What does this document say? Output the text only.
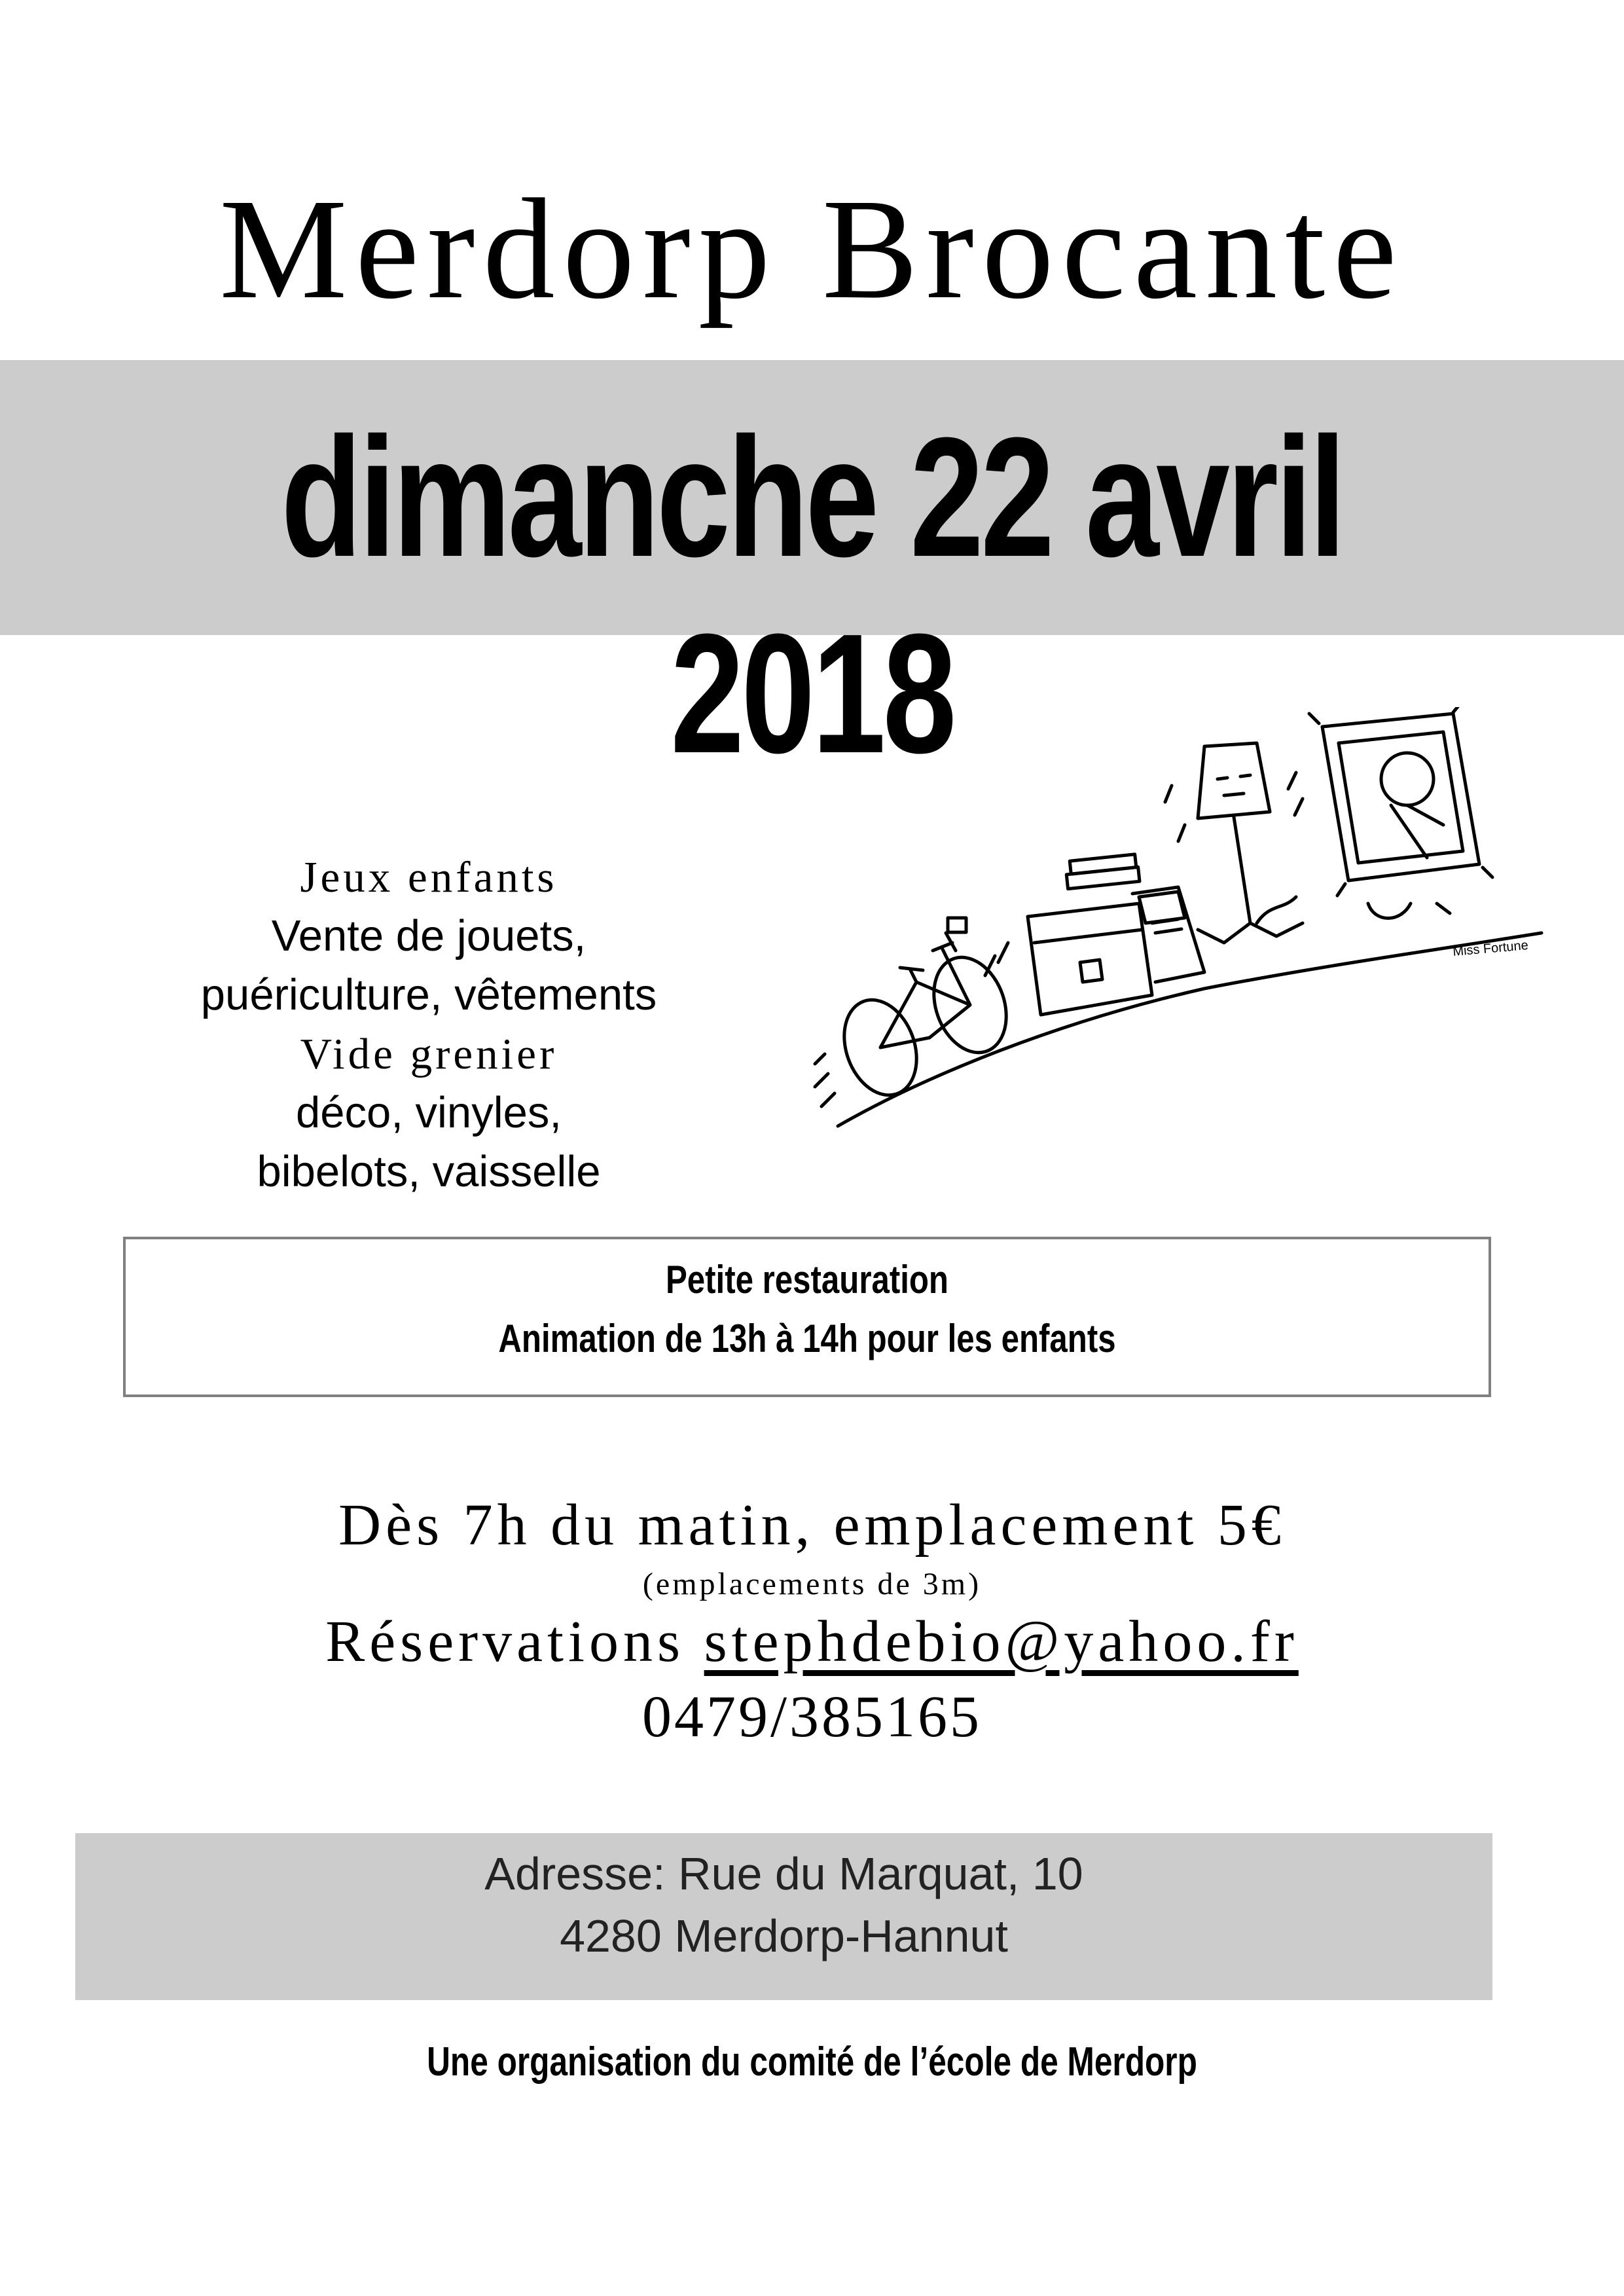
Merdorp Brocante
dimanche 22 avril 2018
Jeux enfants
Vente de jouets,
puériculture, vêtements
Vide grenier
déco, vinyles,
bibelots, vaisselle
Miss Fortune
Petite restauration
Animation de 13h à 14h pour les enfants
Dès 7h du matin, emplacement 5€
(emplacements de 3m)
Réservations stephdebio@yahoo.fr
0479/385165
Adresse: Rue du Marquat, 10
4280 Merdorp-Hannut
Une organisation du comité de l’école de Merdorp
